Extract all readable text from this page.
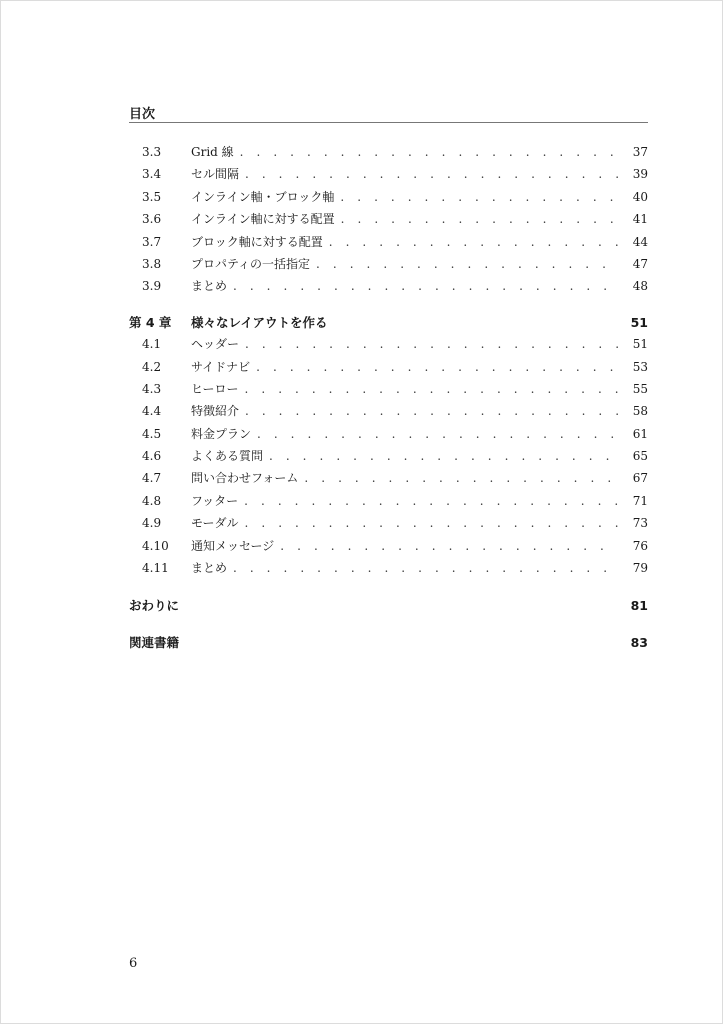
目次
3.3	Grid 線 . . .	37
3.4	セル間隔 . . .	39
3.5	インライン軸・ブロック軸 . . .	40
3.6	インライン軸に対する配置 . . .	41
3.7	ブロック軸に対する配置 . . .	44
3.8	プロパティの一括指定 . . .	47
3.9	まとめ . . .	48
第 4 章	様々なレイアウトを作る	51
4.1	ヘッダー . . .	51
4.2	サイドナビ . . .	53
4.3	ヒーロー . . .	55
4.4	特徴紹介 . . .	58
4.5	料金プラン . . .	61
4.6	よくある質問 . . .	65
4.7	問い合わせフォーム . . .	67
4.8	フッター . . .	71
4.9	モーダル . . .	73
4.10	通知メッセージ . . .	76
4.11	まとめ . . .	79
おわりに	81
関連書籍	83
6
